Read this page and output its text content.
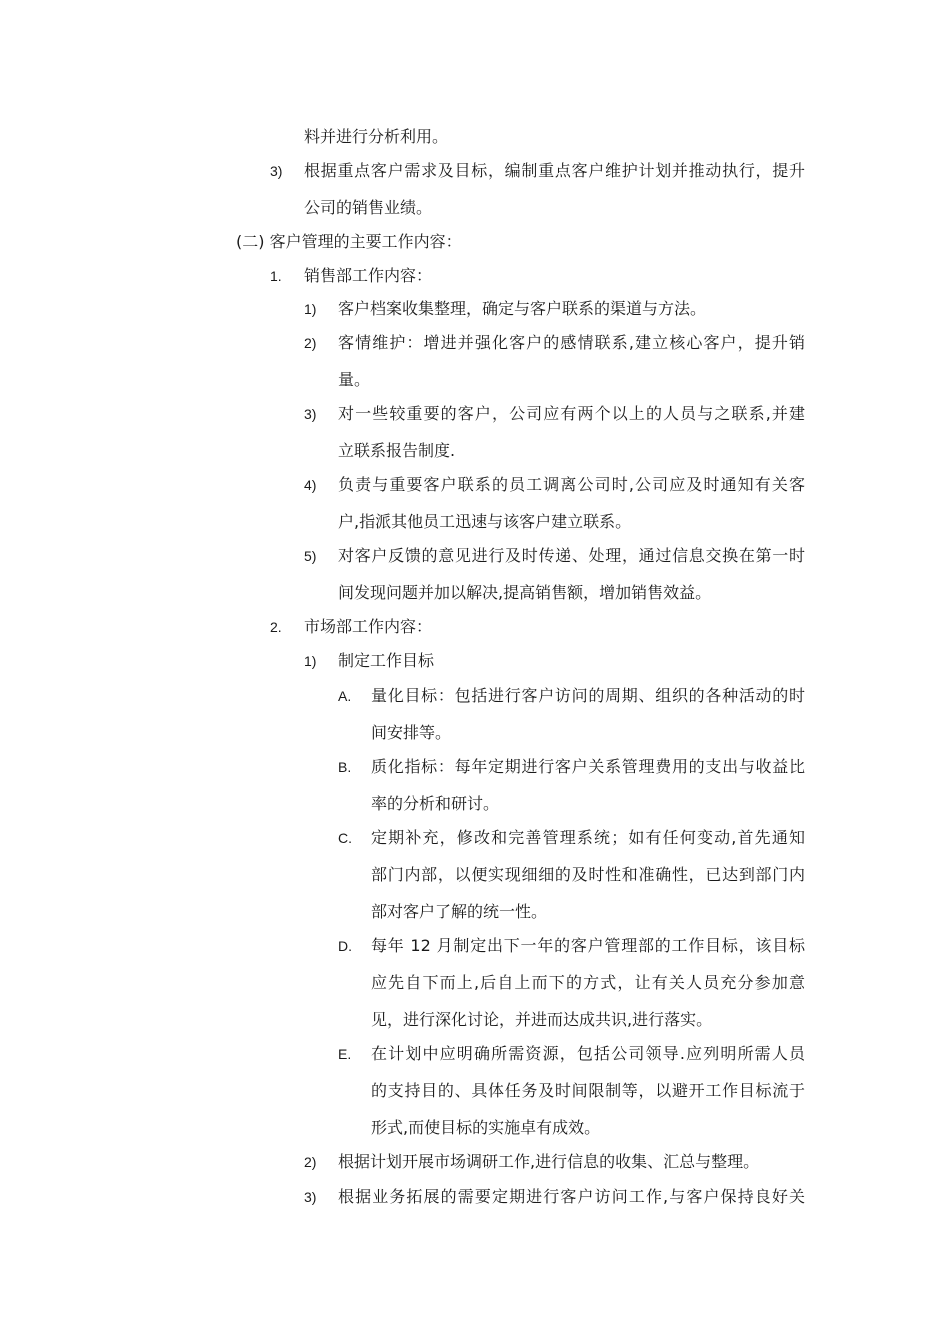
料并进行分析利用。
3) 根据重点客户需求及目标，编制重点客户维护计划并推动执行，提升
公司的销售业绩。
(二) 客户管理的主要工作内容：
1. 销售部工作内容：
1) 客户档案收集整理，确定与客户联系的渠道与方法。
2) 客情维护：增进并强化客户的感情联系,建立核心客户，提升销
量。
3) 对一些较重要的客户，公司应有两个以上的人员与之联系,并建
立联系报告制度.
4) 负责与重要客户联系的员工调离公司时,公司应及时通知有关客
户,指派其他员工迅速与该客户建立联系。
5) 对客户反馈的意见进行及时传递、处理，通过信息交换在第一时
间发现问题并加以解决,提高销售额，增加销售效益。
2. 市场部工作内容：
1) 制定工作目标
A. 量化目标：包括进行客户访问的周期、组织的各种活动的时
间安排等。
B. 质化指标：每年定期进行客户关系管理费用的支出与收益比
率的分析和研讨。
C. 定期补充，修改和完善管理系统；如有任何变动,首先通知
部门内部，以便实现细细的及时性和准确性，已达到部门内
部对客户了解的统一性。
D. 每年 12 月制定出下一年的客户管理部的工作目标，该目标
应先自下而上,后自上而下的方式，让有关人员充分参加意
见，进行深化讨论，并进而达成共识,进行落实。
E. 在计划中应明确所需资源，包括公司领导.应列明所需人员
的支持目的、具体任务及时间限制等，以避开工作目标流于
形式,而使目标的实施卓有成效。
2) 根据计划开展市场调研工作,进行信息的收集、汇总与整理。
3) 根据业务拓展的需要定期进行客户访问工作,与客户保持良好关
